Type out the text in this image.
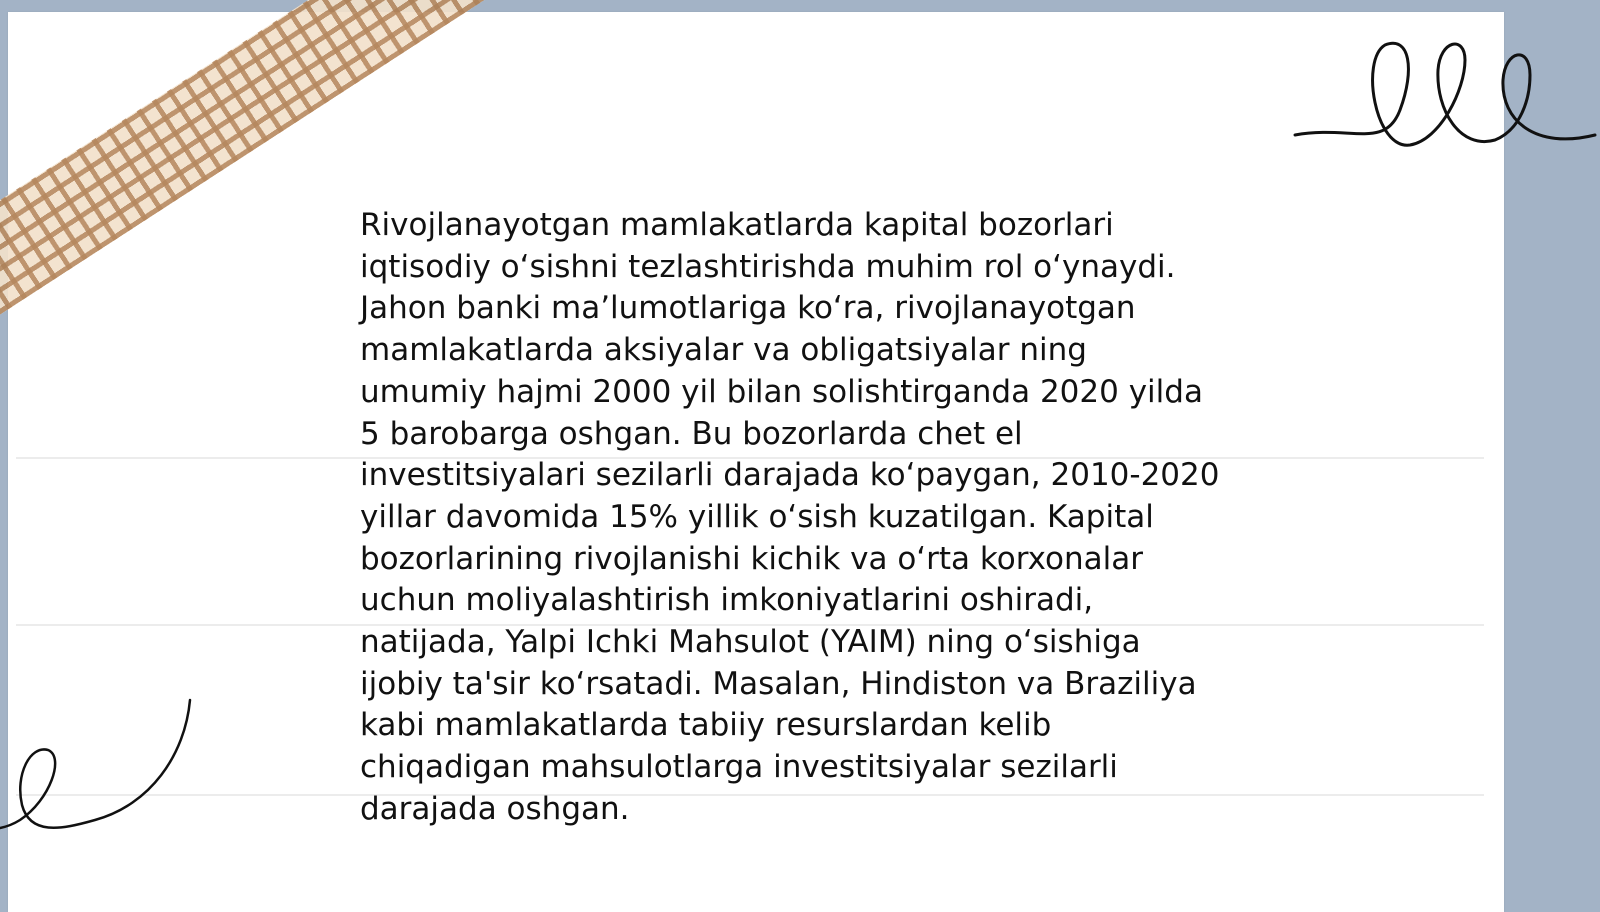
Rivojlanayotgan mamlakatlarda kapital bozorlari
iqtisodiy o‘sishni tezlashtirishda muhim rol o‘ynaydi.
Jahon banki ma’lumotlariga ko‘ra, rivojlanayotgan
mamlakatlarda aksiyalar va obligatsiyalar ning
umumiy hajmi 2000 yil bilan solishtirganda 2020 yilda
5 barobarga oshgan. Bu bozorlarda chet el
investitsiyalari sezilarli darajada ko‘paygan, 2010-2020
yillar davomida 15% yillik o‘sish kuzatilgan. Kapital
bozorlarining rivojlanishi kichik va o‘rta korxonalar
uchun moliyalashtirish imkoniyatlarini oshiradi,
natijada, Yalpi Ichki Mahsulot (YAIM) ning o‘sishiga
ijobiy ta'sir ko‘rsatadi. Masalan, Hindiston va Braziliya
kabi mamlakatlarda tabiiy resurslardan kelib
chiqadigan mahsulotlarga investitsiyalar sezilarli
darajada oshgan.
